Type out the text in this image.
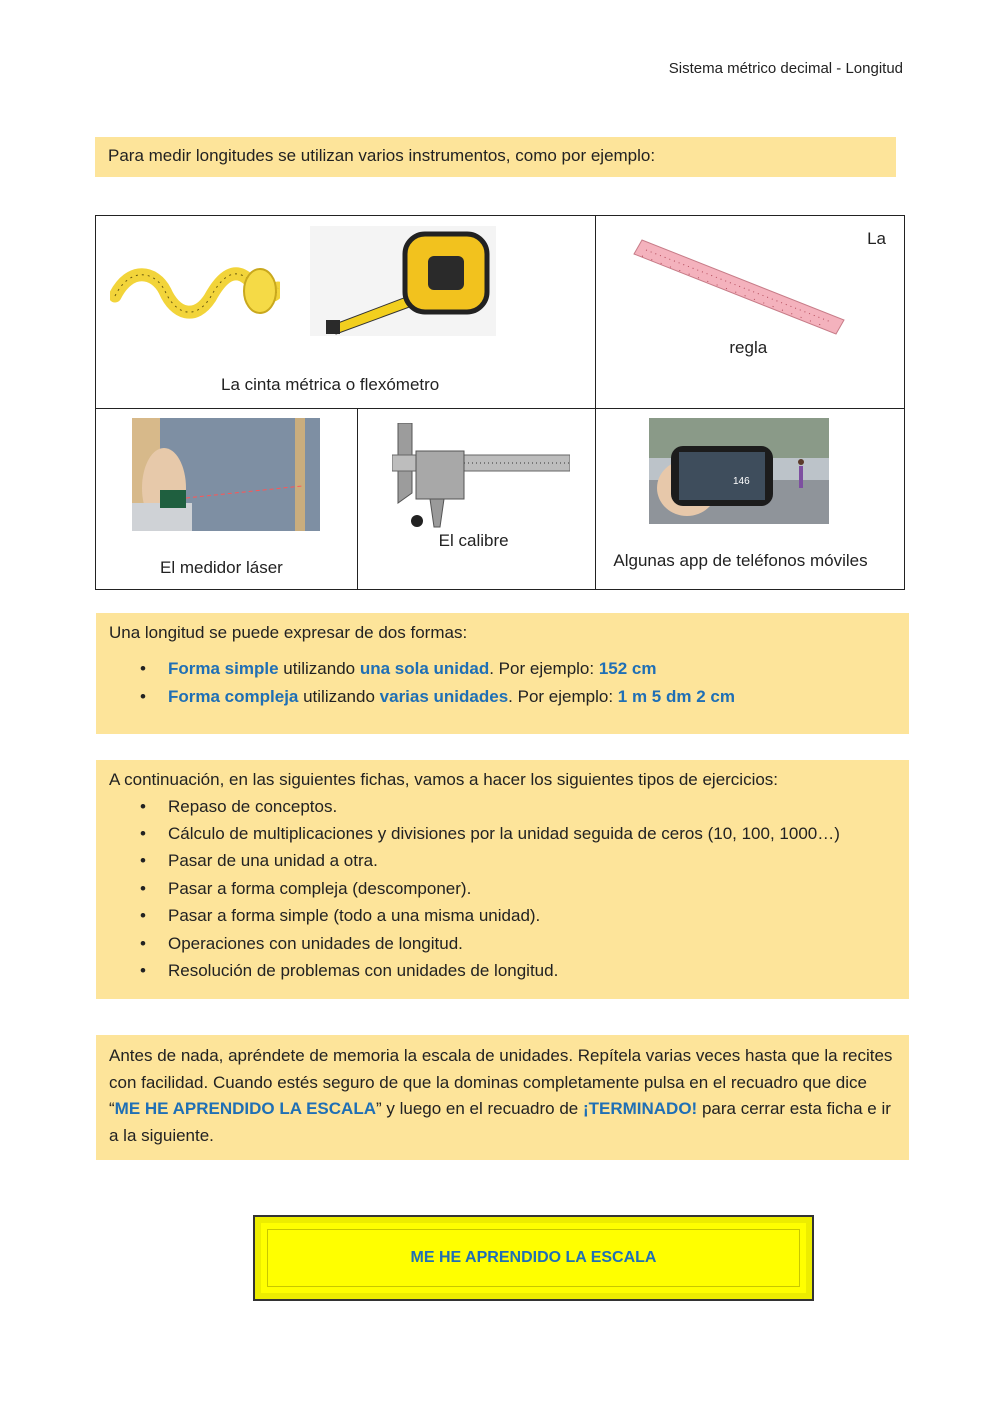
Sistema métrico decimal - Longitud
Para medir longitudes se utilizan varios instrumentos, como por ejemplo:
La cinta métrica o flexómetro		La
regla

El medidor láser	El calibre	146
Algunas app de teléfonos móviles
Una longitud se puede expresar de dos formas:
• Forma simple utilizando una sola unidad. Por ejemplo: 152 cm
• Forma compleja utilizando varias unidades. Por ejemplo: 1 m 5 dm 2 cm
A continuación, en las siguientes fichas, vamos a hacer los siguientes tipos de ejercicios:
• Repaso de conceptos.
• Cálculo de multiplicaciones y divisiones por la unidad seguida de ceros (10, 100, 1000…)
• Pasar de una unidad a otra.
• Pasar a forma compleja (descomponer).
• Pasar a forma simple (todo a una misma unidad).
• Operaciones con unidades de longitud.
• Resolución de problemas con unidades de longitud.

Antes de nada, apréndete de memoria la escala de unidades. Repítela varias veces hasta que la recites con facilidad. Cuando estés seguro de que la dominas completamente pulsa en el recuadro que dice “ME HE APRENDIDO LA ESCALA” y luego en el recuadro de ¡TERMINADO! para cerrar esta ficha e ir a la siguiente.

ME HE APRENDIDO LA ESCALA
